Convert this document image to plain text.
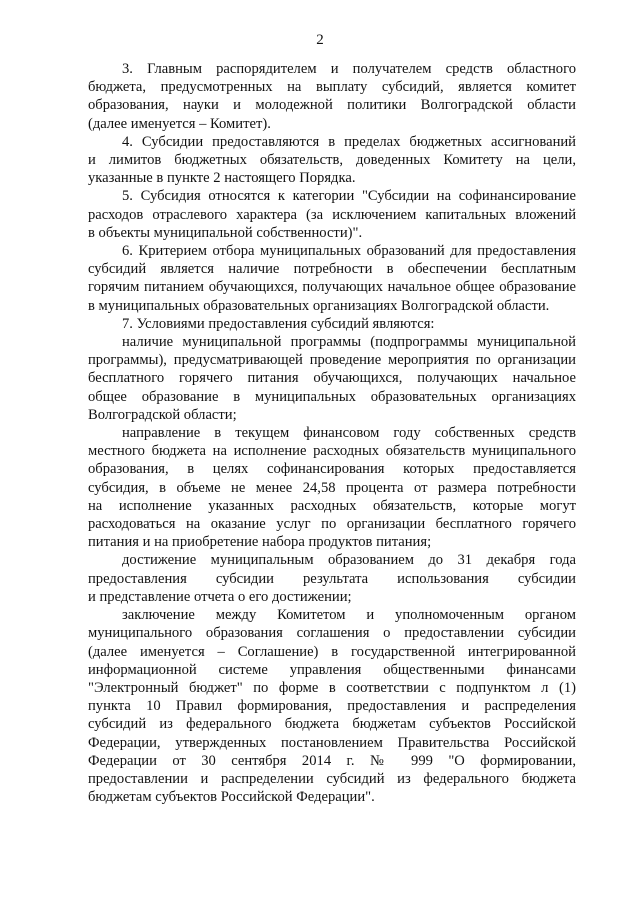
2
3. Главным распорядителем и получателем средств областного
бюджета, предусмотренных на выплату субсидий, является комитет
образования, науки и молодежной политики Волгоградской области
(далее именуется – Комитет).
4. Субсидии предоставляются в пределах бюджетных ассигнований
и лимитов бюджетных обязательств, доведенных Комитету на цели,
указанные в пункте 2 настоящего Порядка.
5. Субсидия относятся к категории "Субсидии на софинансирование
расходов отраслевого характера (за исключением капитальных вложений
в объекты муниципальной собственности)".
6. Критерием отбора муниципальных образований для предоставления
субсидий является наличие потребности в обеспечении бесплатным
горячим питанием обучающихся, получающих начальное общее образование
в муниципальных образовательных организациях Волгоградской области.
7. Условиями предоставления субсидий являются:
наличие муниципальной программы (подпрограммы муниципальной
программы), предусматривающей проведение мероприятия по организации
бесплатного горячего питания обучающихся, получающих начальное
общее образование в муниципальных образовательных организациях
Волгоградской области;
направление в текущем финансовом году собственных средств
местного бюджета на исполнение расходных обязательств муниципального
образования, в целях софинансирования которых предоставляется
субсидия, в объеме не менее 24,58 процента от размера потребности
на исполнение указанных расходных обязательств, которые могут
расходоваться на оказание услуг по организации бесплатного горячего
питания и на приобретение набора продуктов питания;
достижение муниципальным образованием до 31 декабря года
предоставления субсидии результата использования субсидии
и представление отчета о его достижении;
заключение между Комитетом и уполномоченным органом
муниципального образования соглашения о предоставлении субсидии
(далее именуется – Соглашение) в государственной интегрированной
информационной системе управления общественными финансами
"Электронный бюджет" по форме в соответствии с подпунктом л (1)
пункта 10 Правил формирования, предоставления и распределения
субсидий из федерального бюджета бюджетам субъектов Российской
Федерации, утвержденных постановлением Правительства Российской
Федерации от 30 сентября 2014 г. № 999 "О формировании,
предоставлении и распределении субсидий из федерального бюджета
бюджетам субъектов Российской Федерации".
